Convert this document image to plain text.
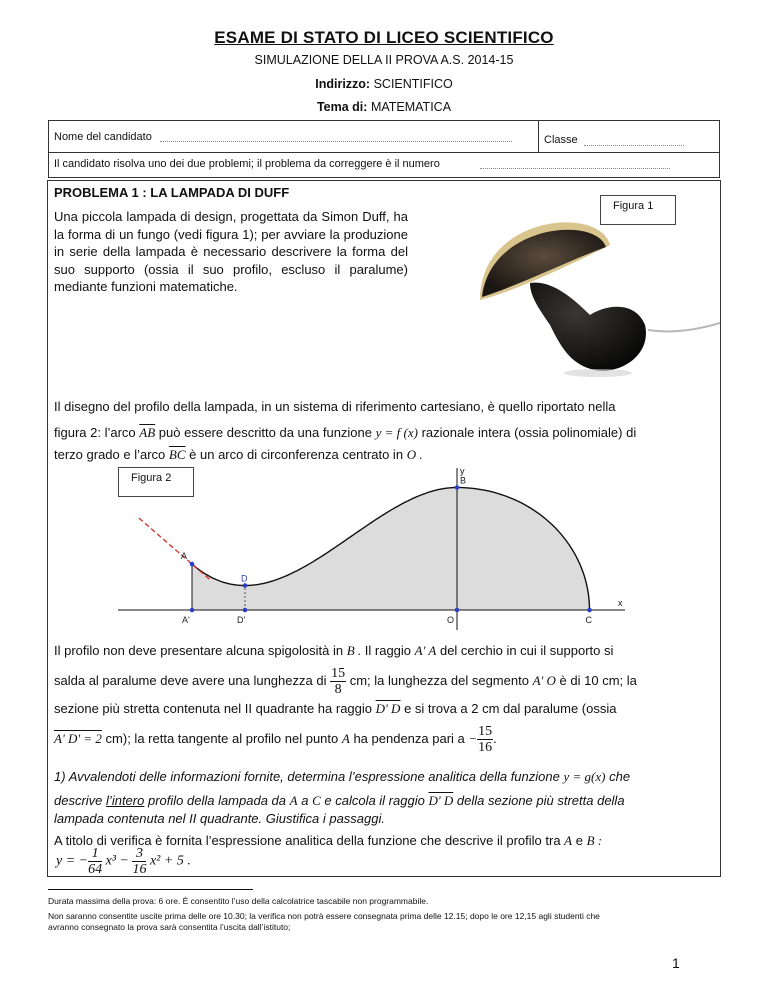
ESAME DI STATO DI LICEO SCIENTIFICO
SIMULAZIONE DELLA II PROVA A.S. 2014-15
Indirizzo: SCIENTIFICO
Tema di: MATEMATICA
Nome del candidato	Classe
Il candidato risolva uno dei due problemi; il problema da correggere è il numero
PROBLEMA 1 : LA LAMPADA DI DUFF
Una piccola lampada di design, progettata da Simon Duff, ha la forma di un fungo (vedi figura 1); per avviare la produzione in serie della lampada è necessario descrivere la forma del suo supporto (ossia il suo profilo, escluso il paralume) mediante funzioni matematiche.
Figura 1
Il disegno del profilo della lampada, in un sistema di riferimento cartesiano, è quello riportato nella
figura 2: l’arco $\overline{AB}$ può essere descritto da una funzione y = f (x) razionale intera (ossia polinomiale) di
terzo grado e l’arco $\overline{BC}$ è un arco di circonferenza centrato in O .
A
B
C
D
A'	D'	O
x
y
Figura 2
Il profilo non deve presentare alcuna spigolosità in B . Il raggio A' A del cerchio in cui il supporto si
salda al paralume deve avere una lunghezza di $\frac{15}{8}$ cm; la lunghezza del segmento A' O è di 10 cm; la
sezione più stretta contenuta nel II quadrante ha raggio D' D e si trova a 2 cm dal paralume (ossia
A' D' = 2 cm); la retta tangente al profilo nel punto A ha pendenza pari $a - \frac{15}{16}$ .
1) Avvalendoti delle informazioni fornite, determina l’espressione analitica della funzione y = g(x) che
descrive l’intero profilo della lampada da A a C e calcola il raggio D' D della sezione più stretta della
lampada contenuta nel II quadrante. Giustifica i passaggi.
A titolo di verifica è fornita l’espressione analitica della funzione che descrive il profilo tra A e B :
y = − $\frac{1}{64} x^3 - \frac{3}{16} x^2 + 5$ .
Durata massima della prova: 6 ore. È consentito l’uso della calcolatrice tascabile non programmabile.
Non saranno consentite uscite prima delle ore 10.30; la verifica non potrà essere consegnata prima delle 12.15; dopo le ore 12,15 agli studenti che
avranno consegnato la prova sarà consentita l’uscita dall’istituto;
1
